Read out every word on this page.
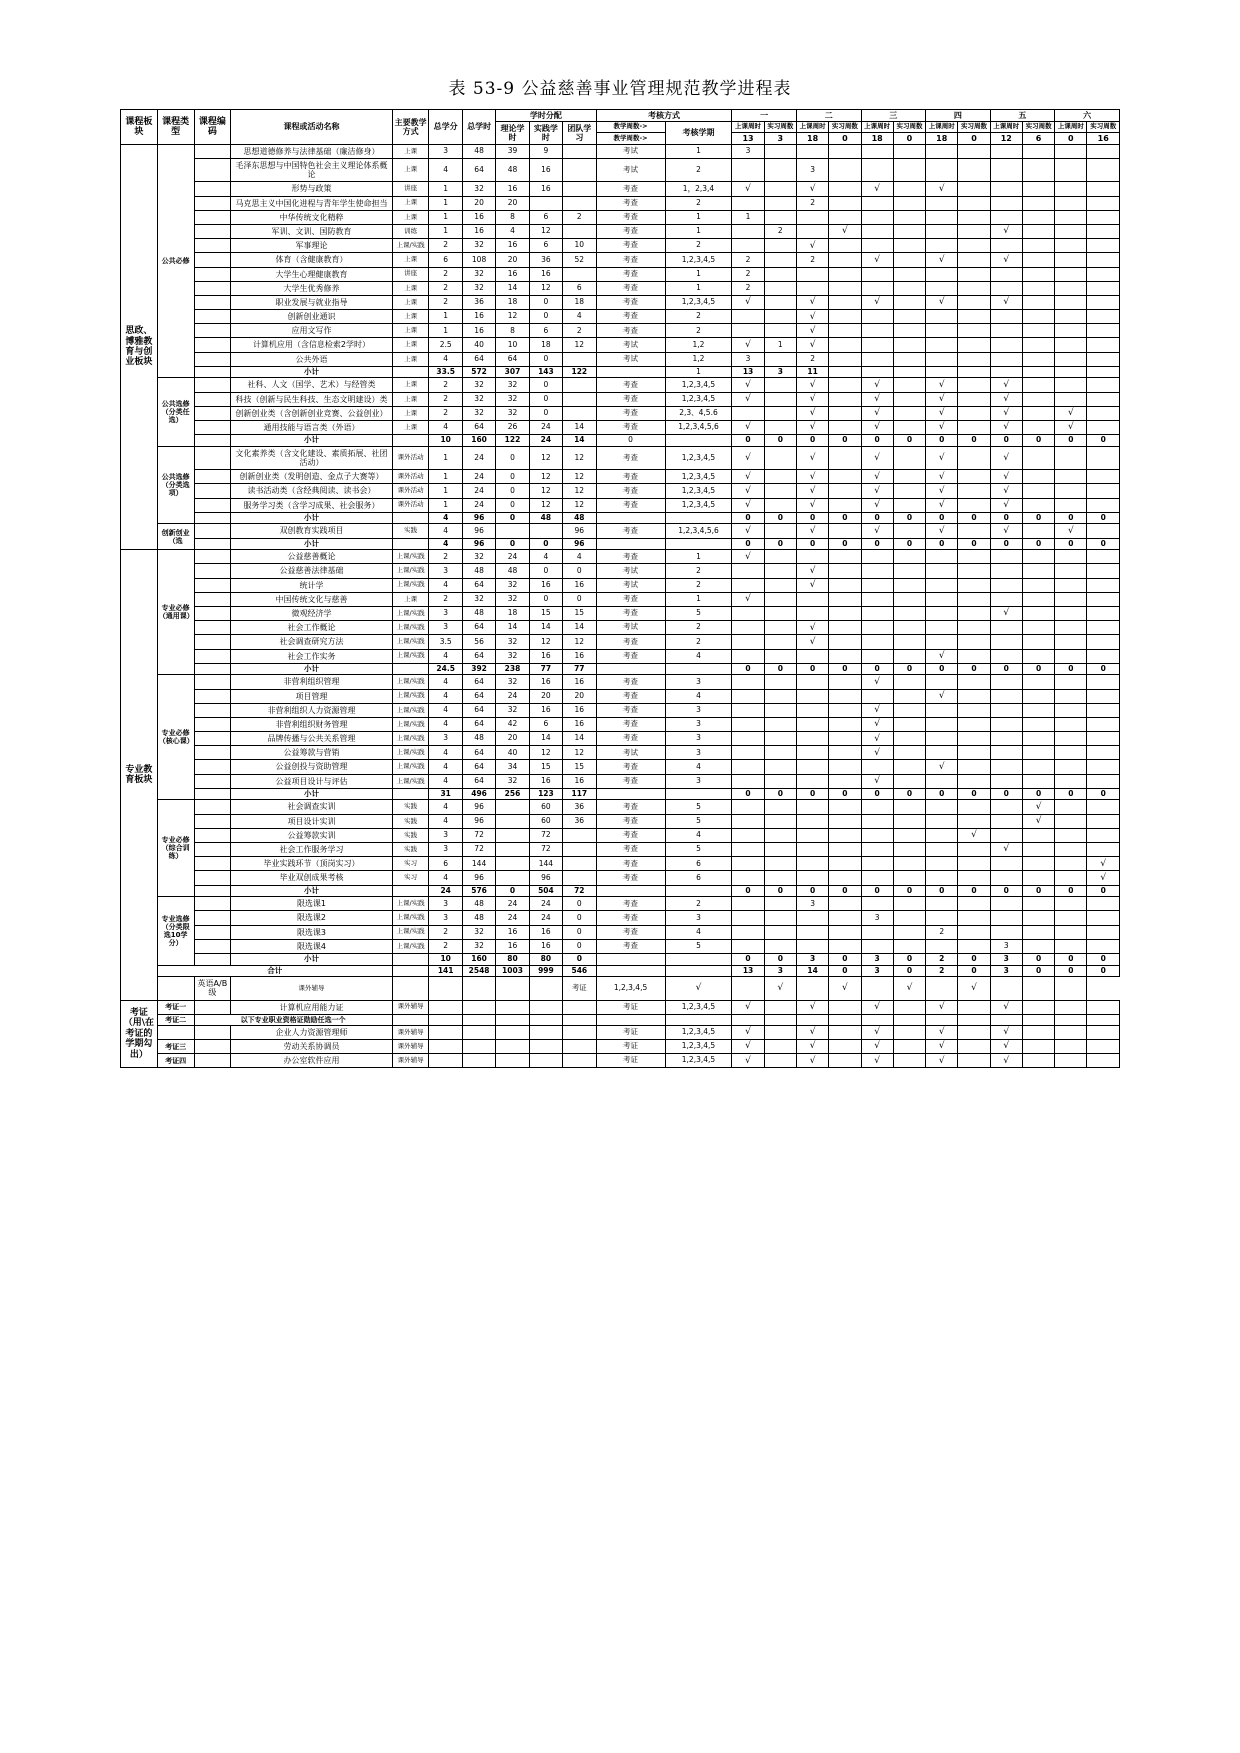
表 53-9 公益慈善事业管理规范教学进程表
课程板块	课程类型	课程编码	课程或活动名称	主要教学方式	总学分	总学时	学时分配			考核方式		一		二		三		四		五		六	
							理论学时	实践学时	团队学习	教学周数->	考核学期	上课周时	实习周数	上课周时	实习周数	上课周时	实习周数	上课周时	实习周数	上课周时	实习周数	上课周时	实习周数
										教学周数->		13	3	18	0	18	0	18	0	12	6	0	16
思政、博雅教育与创业板块	公共必修		思想道德修养与法律基础（廉洁修身）	上课	3	48	39	9		考试	1	3											
			毛泽东思想与中国特色社会主义理论体系概论	上课	4	64	48	16		考试	2			3									
			形势与政策	讲座	1	32	16	16		考查	1，2,3,4	√		√		√		√					
			马克思主义中国化进程与青年学生使命担当	上课	1	20	20			考查	2			2									
			中华传统文化精粹	上课	1	16	8	6	2	考查	1	1											
			军训、文训、国防教育	训练	1	16	4	12		考查	1		2		√					√			
			军事理论	上课/实践	2	32	16	6	10	考查	2			√									
			体育（含健康教育）	上课	6	108	20	36	52	考查	1,2,3,4,5	2		2		√		√		√			
			大学生心理健康教育	讲座	2	32	16	16		考查	1	2											
			大学生优秀修养	上课	2	32	14	12	6	考查	1	2											
			职业发展与就业指导	上课	2	36	18	0	18	考查	1,2,3,4,5	√		√		√		√		√			
			创新创业通识	上课	1	16	12	0	4	考查	2			√									
			应用文写作	上课	1	16	8	6	2	考查	2			√									
			计算机应用（含信息检索2学时）	上课	2.5	40	10	18	12	考试	1,2	√	1	√									
			公共外语	上课	4	64	64	0		考试	1,2	3		2									
			小计		33.5	572	307	143	122		1	13	3	11									
	公共选修（分类任选）		社科、人文（国学、艺术）与经管类	上课	2	32	32	0		考查	1,2,3,4,5	√		√		√		√		√			
			科技（创新与民生科技、生态文明建设）类	上课	2	32	32	0		考查	1,2,3,4,5	√		√		√		√		√			
			创新创业类（含创新创业竞赛、公益创业）	上课	2	32	32	0		考查	2,3、4,5.6			√		√		√		√		√	
			通用技能与语言类（外语）	上课	4	64	26	24	14	考查	1,2,3,4,5,6	√		√		√		√		√		√	
			小计		10	160	122	24	14	0		0	0	0	0	0	0	0	0	0	0	0	0
	公共选修（分类选项）		文化素养类（含文化建设、素质拓展、社团活动）	课外活动	1	24	0	12	12	考查	1,2,3,4,5	√		√		√		√		√			
			创新创业类（发明创造、金点子大赛等）	课外活动	1	24	0	12	12	考查	1,2,3,4,5	√		√		√		√		√			
			读书活动类（含经典阅读、读书会）	课外活动	1	24	0	12	12	考查	1,2,3,4,5	√		√		√		√		√			
			服务学习类（含学习成果、社会服务）	课外活动	1	24	0	12	12	考查	1,2,3,4,5	√		√		√		√		√			
			小计		4	96	0	48	48			0	0	0	0	0	0	0	0	0	0	0	0
	创新创业（选		双创教育实践项目	实践	4	96			96	考查	1,2,3,4,5,6	√		√		√		√		√		√	
			小计		4	96	0	0	96			0	0	0	0	0	0	0	0	0	0	0	0
专业教育板块	专业必修（通用课）		公益慈善概论	上课/实践	2	32	24	4	4	考查	1	√											
			公益慈善法律基础	上课/实践	3	48	48	0	0	考试	2			√									
			统计学	上课/实践	4	64	32	16	16	考试	2			√									
			中国传统文化与慈善	上课	2	32	32	0	0	考查	1	√											
			微观经济学	上课/实践	3	48	18	15	15	考查	5									√			
			社会工作概论	上课/实践	3	64	14	14	14	考试	2			√									
			社会调查研究方法	上课/实践	3.5	56	32	12	12	考查	2			√									
			社会工作实务	上课/实践	4	64	32	16	16	考查	4							√					
			小计		24.5	392	238	77	77			0	0	0	0	0	0	0	0	0	0	0	0
	专业必修（核心课）		非营利组织管理	上课/实践	4	64	32	16	16	考查	3					√							
			项目管理	上课/实践	4	64	24	20	20	考查	4							√					
			非营利组织人力资源管理	上课/实践	4	64	32	16	16	考查	3					√							
			非营利组织财务管理	上课/实践	4	64	42	6	16	考查	3					√							
			品牌传播与公共关系管理	上课/实践	3	48	20	14	14	考查	3					√							
			公益筹款与营销	上课/实践	4	64	40	12	12	考试	3					√							
			公益创投与资助管理	上课/实践	4	64	34	15	15	考查	4							√					
			公益项目设计与评估	上课/实践	4	64	32	16	16	考查	3					√							
			小计		31	496	256	123	117			0	0	0	0	0	0	0	0	0	0	0	0
	专业必修（综合训练）		社会调查实训	实践	4	96		60	36	考查	5										√		
			项目设计实训	实践	4	96		60	36	考查	5										√		
			公益筹款实训	实践	3	72		72		考查	4								√				
			社会工作服务学习	实践	3	72		72		考查	5									√			
			毕业实践环节（顶岗实习）	实习	6	144		144		考查	6												√
			毕业双创成果考核	实习	4	96		96		考查	6												√
			小计		24	576	0	504	72			0	0	0	0	0	0	0	0	0	0	0	0
	专业选修（分类限选10学分）		限选课1	上课/实践	3	48	24	24	0	考查	2			3									
			限选课2	上课/实践	3	48	24	24	0	考查	3					3							
			限选课3	上课/实践	2	32	16	16	0	考查	4							2					
			限选课4	上课/实践	2	32	16	16	0	考查	5									3			
			小计		10	160	80	80	0			0	0	3	0	3	0	2	0	3	0	0	0
	合计				141	2548	1003	999	546			13	3	14	0	3	0	2	0	3	0	0	0
		英语A/B级	课外辅导						考证	1,2,3,4,5	√		√		√		√		√				
考证（用\在考证的学期勾出）	考证一		计算机应用能力证	课外辅导						考证	1,2,3,4,5	√		√		√		√		√			
	考证二	以下专业职业资格证勋励任选一个																					
			企业人力资源管理师	课外辅导						考证	1,2,3,4,5	√		√		√		√		√			
	考证三		劳动关系协调员	课外辅导						考证	1,2,3,4,5	√		√		√		√		√			
	考证四		办公室软件应用	课外辅导						考证	1,2,3,4,5	√		√		√		√		√			
